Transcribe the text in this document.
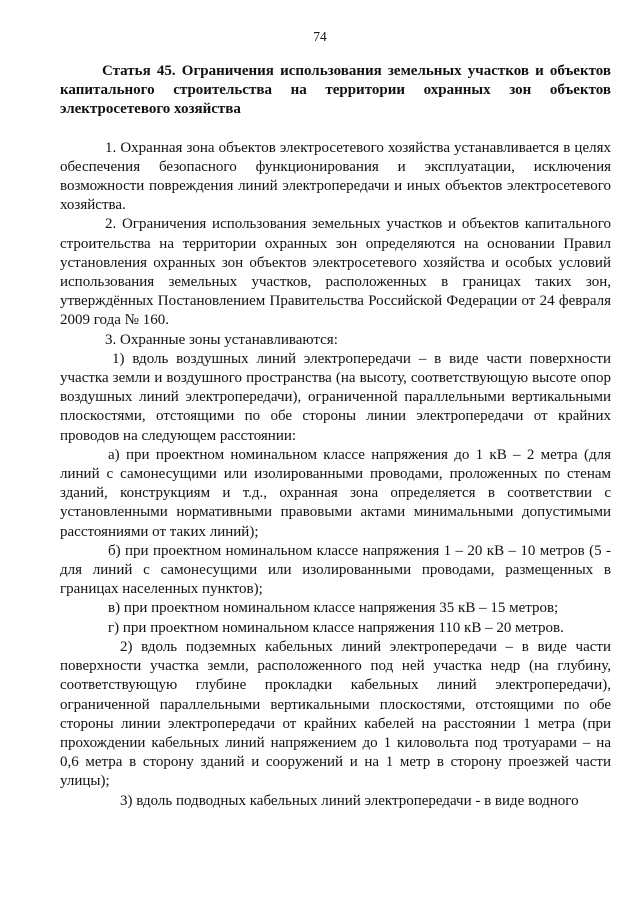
74

Статья 45. Ограничения использования земельных участков и объектов капитального строительства на территории охранных зон объектов электросетевого хозяйства

1. Охранная зона объектов электросетевого хозяйства устанавливается в целях обеспечения безопасного функционирования и эксплуатации, исключения возможности повреждения линий электропередачи и иных объектов электросетевого хозяйства.

2. Ограничения использования земельных участков и объектов капитального строительства на территории охранных зон определяются на основании Правил установления охранных зон объектов электросетевого хозяйства и особых условий использования земельных участков, расположенных в границах таких зон, утверждённых Постановлением Правительства Российской Федерации от 24 февраля 2009 года № 160.

3. Охранные зоны устанавливаются:

1) вдоль воздушных линий электропередачи – в виде части поверхности участка земли и воздушного пространства (на высоту, соответствующую высоте опор воздушных линий электропередачи), ограниченной параллельными вертикальными плоскостями, отстоящими по обе стороны линии электропередачи от крайних проводов на следующем расстоянии:

а) при проектном номинальном классе напряжения до 1 кВ – 2 метра (для линий с самонесущими или изолированными проводами, проложенных по стенам зданий, конструкциям и т.д., охранная зона определяется в соответствии с установленными нормативными правовыми актами минимальными допустимыми расстояниями от таких линий);

б) при проектном номинальном классе напряжения 1 – 20 кВ – 10 метров (5 - для линий с самонесущими или изолированными проводами, размещенных в границах населенных пунктов);

в) при проектном номинальном классе напряжения 35 кВ – 15 метров;

г) при проектном номинальном классе напряжения 110 кВ – 20 метров.

2) вдоль подземных кабельных линий электропередачи – в виде части поверхности участка земли, расположенного под ней участка недр (на глубину, соответствующую глубине прокладки кабельных линий электропередачи), ограниченной параллельными вертикальными плоскостями, отстоящими по обе стороны линии электропередачи от крайних кабелей на расстоянии 1 метра (при прохождении кабельных линий напряжением до 1 киловольта под тротуарами – на 0,6 метра в сторону зданий и сооружений и на 1 метр в сторону проезжей части улицы);

3) вдоль подводных кабельных линий электропередачи - в виде водного
